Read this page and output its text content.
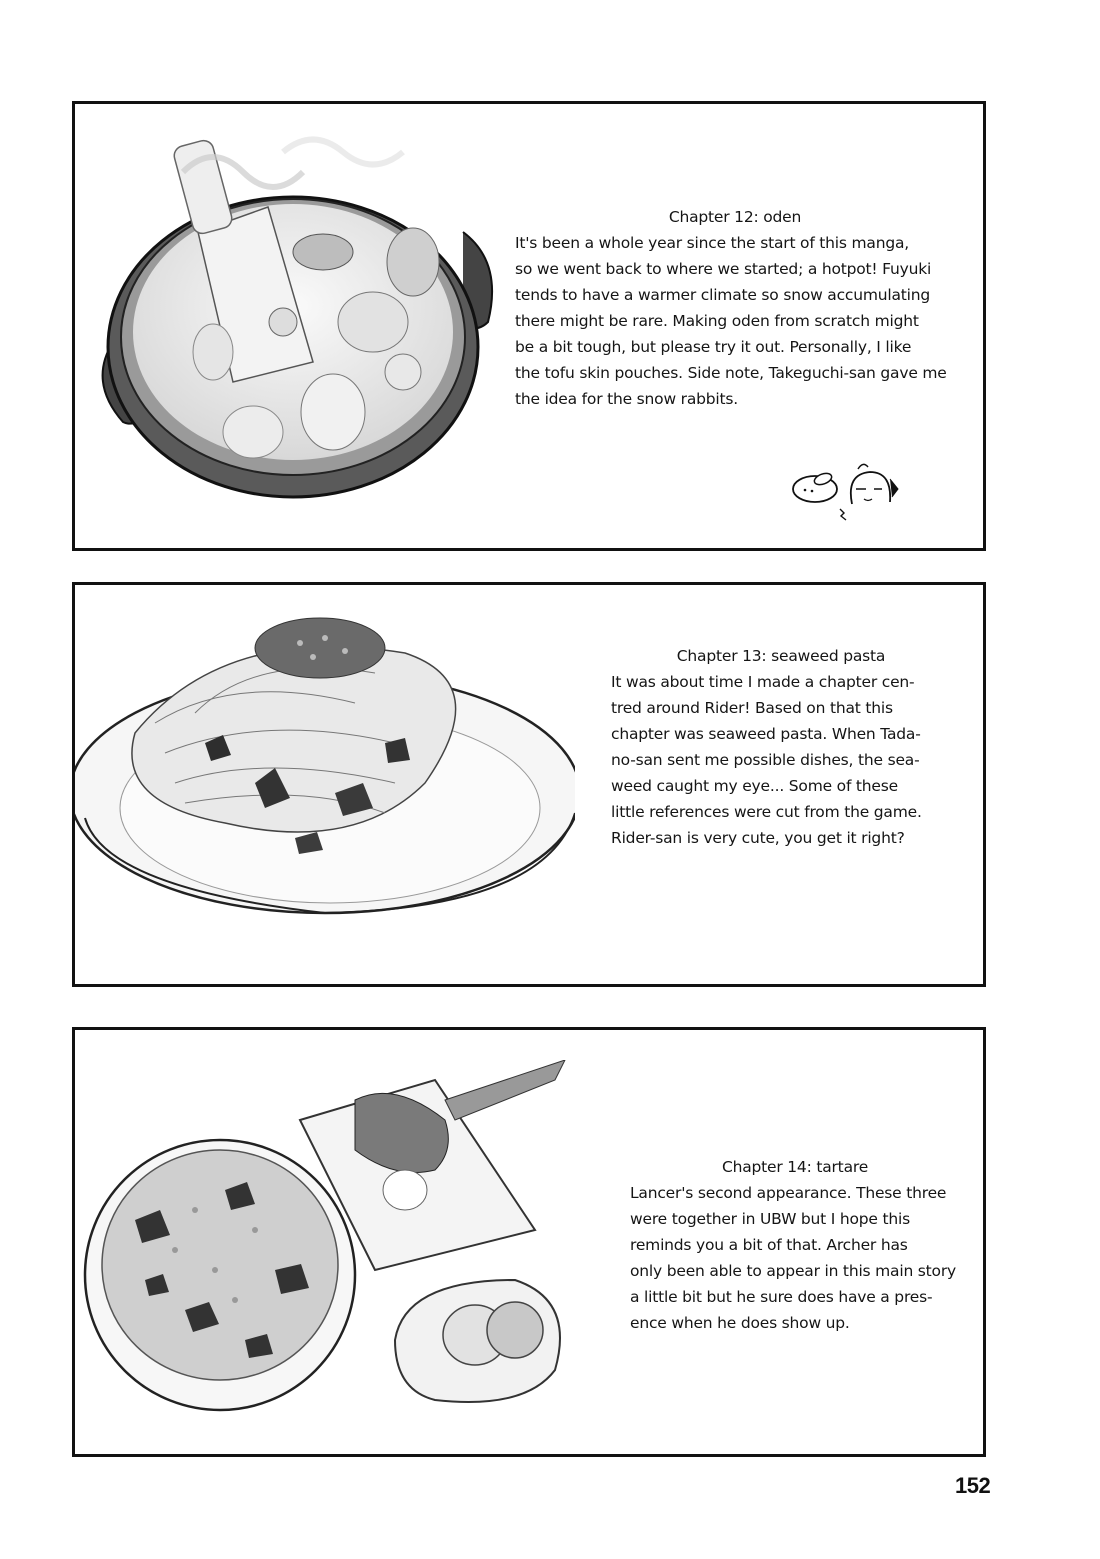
Chapter 12: oden
It's been a whole year since the start of this manga,
so we went back to where we started; a hotpot! Fuyuki
tends to have a warmer climate so snow accumulating
there might be rare. Making oden from scratch might
be a bit tough, but please try it out. Personally, I like
the tofu skin pouches. Side note, Takeguchi-san gave me
the idea for the snow rabbits.
Chapter 13: seaweed pasta
It was about time I made a chapter cen-
tred around Rider! Based on that this
chapter was seaweed pasta. When Tada-
no-san sent me possible dishes, the sea-
weed caught my eye... Some of these
little references were cut from the game.
Rider-san is very cute, you get it right?
Chapter 14: tartare
Lancer's second appearance. These three
were together in UBW but I hope this
reminds you a bit of that. Archer has
only been able to appear in this main story
a little bit but he sure does have a pres-
ence when he does show up.
152
